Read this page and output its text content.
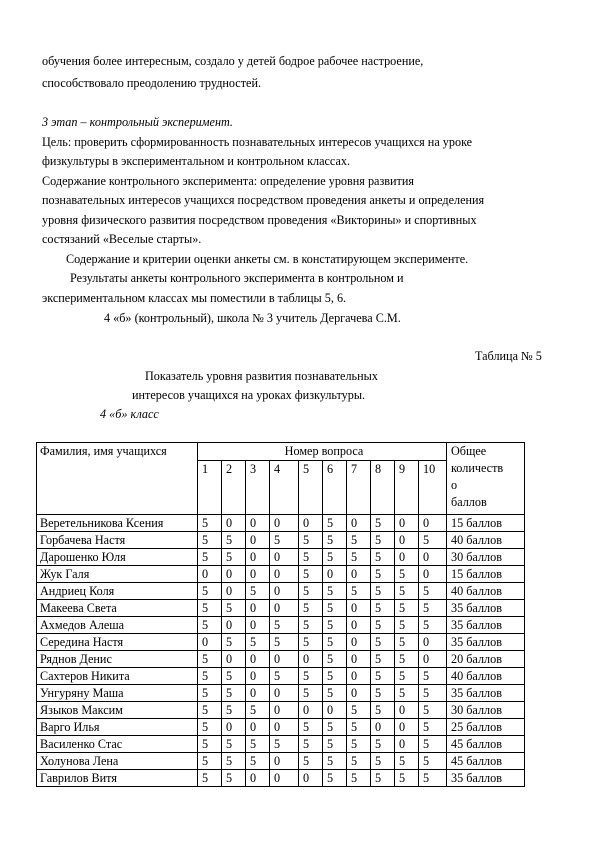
обучения более интересным, создало у детей бодрое рабочее настроение,
способствовало преодолению трудностей.
3 этап – контрольный эксперимент.
Цель: проверить сформированность познавательных интересов учащихся на уроке
физкультуры в экспериментальном и контрольном классах.
Содержание контрольного эксперимента: определение уровня развития
познавательных интересов учащихся посредством проведения анкеты и определения
уровня физического развития посредством проведения «Викторины» и спортивных
состязаний «Веселые старты».
Содержание и критерии оценки анкеты см. в констатирующем эксперименте.
Результаты анкеты контрольного эксперимента в контрольном и
экспериментальном классах мы поместили в таблицы 5, 6.
4 «б» (контрольный), школа № 3 учитель Дергачева С.М.
Таблица № 5
Показатель уровня развития познавательных
интересов учащихся на уроках физкультуры.
4 «б» класс
Фамилия, имя учащихся	Номер вопроса										Общее
количеств
о
баллов

	1	2	3	4	5	6	7	8	9	10	
Веретельникова Ксения	5	0	0	0	0	5	0	5	0	0	15 баллов
Горбачева Настя	5	5	0	5	5	5	5	5	0	5	40 баллов
Дарошенко Юля	5	5	0	0	5	5	5	5	0	0	30 баллов
Жук Галя	0	0	0	0	5	0	0	5	5	0	15 баллов
Андриец Коля	5	0	5	0	5	5	5	5	5	5	40 баллов
Макеева Света	5	5	0	0	5	5	0	5	5	5	35 баллов
Ахмедов Алеша	5	0	0	5	5	5	0	5	5	5	35 баллов
Середина Настя	0	5	5	5	5	5	0	5	5	0	35 баллов
Ряднов Денис	5	0	0	0	0	5	0	5	5	0	20 баллов
Сахтеров Никита	5	5	0	5	5	5	0	5	5	5	40 баллов
Унгуряну Маша	5	5	0	0	5	5	0	5	5	5	35 баллов
Языков Максим	5	5	5	0	0	0	5	5	0	5	30 баллов
Варго Илья	5	0	0	0	5	5	5	0	0	5	25 баллов
Василенко Стас	5	5	5	5	5	5	5	5	0	5	45 баллов
Холунова Лена	5	5	5	0	5	5	5	5	5	5	45 баллов
Гаврилов Витя	5	5	0	0	0	5	5	5	5	5	35 баллов
